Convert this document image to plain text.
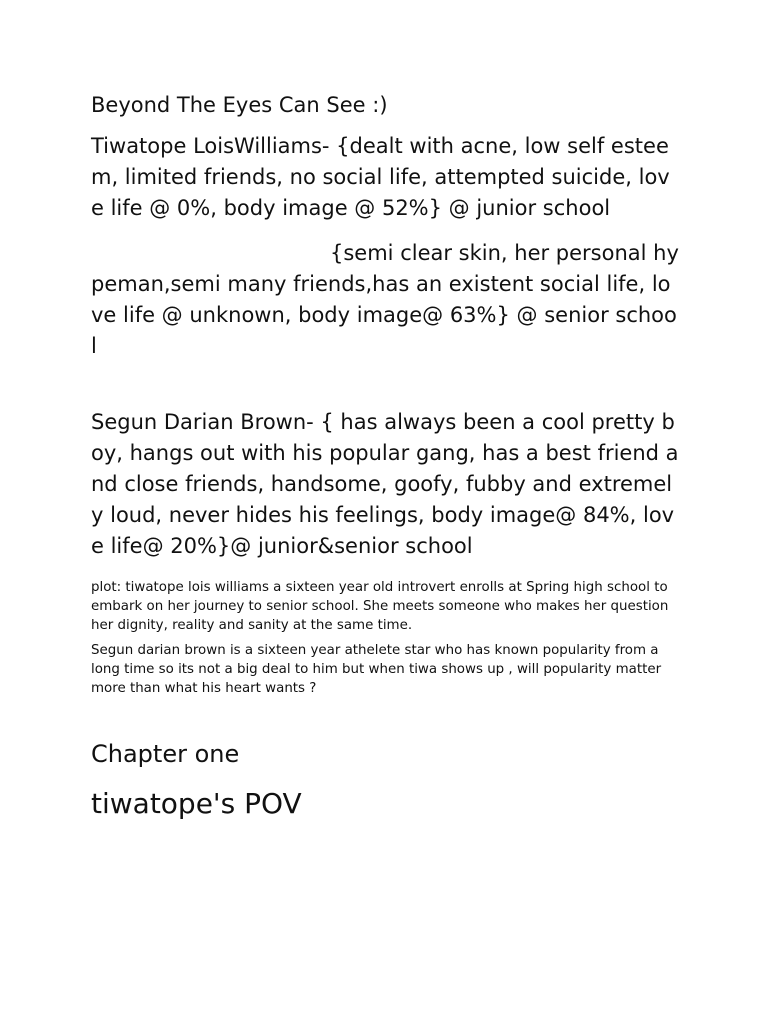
Beyond The Eyes Can See :)

Tiwatope LoisWilliams- {dealt with acne, low self esteem, limited friends, no social life, attempted suicide, love life @ 0%, body image @ 52%} @ junior school

{semi clear skin, her personal hypeman,semi many friends,has an existent social life, love life @ unknown, body image@ 63%} @ senior school

Segun Darian Brown- { has always been a cool pretty boy, hangs out with his popular gang, has a best friend and close friends, handsome, goofy, fubby and extremely loud, never hides his feelings, body image@ 84%, love life@ 20%}@ junior&senior school

plot: tiwatope lois williams a sixteen year old introvert enrolls at Spring high school to embark on her journey to senior school. She meets someone who makes her question her dignity, reality and sanity at the same time.

Segun darian brown is a sixteen year athelete star who has known popularity from a long time so its not a big deal to him but when tiwa shows up , will popularity matter more than what his heart wants ?

Chapter one

tiwatope's POV
